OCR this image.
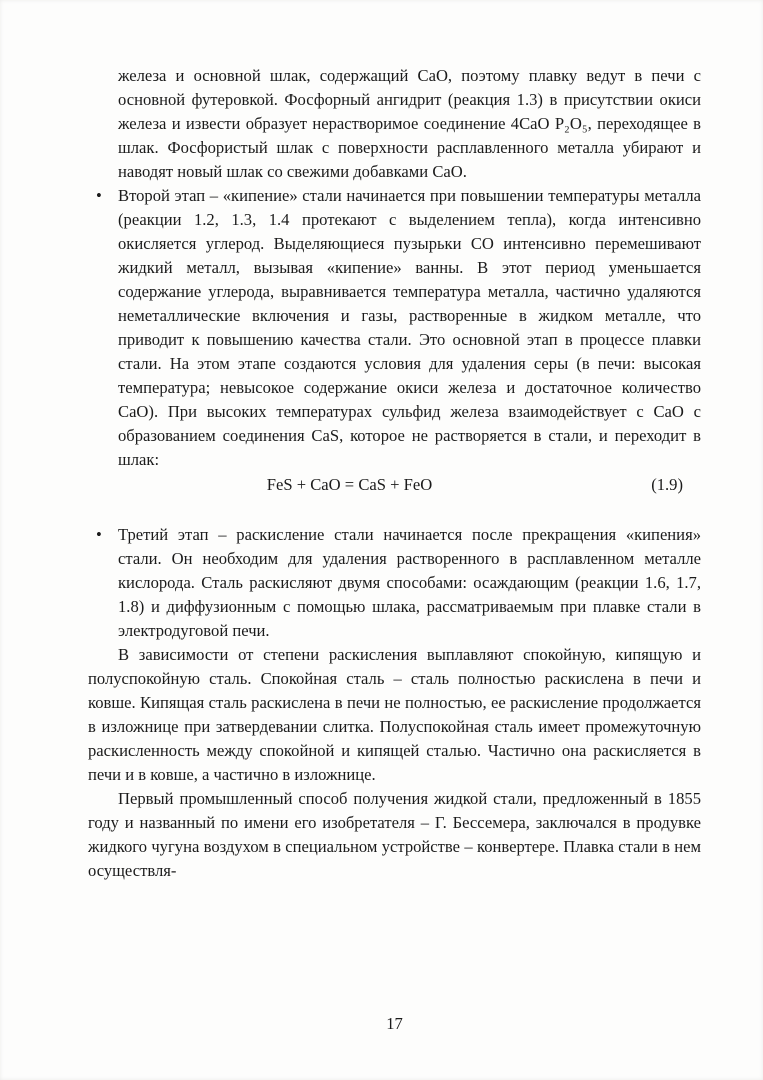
железа и основной шлак, содержащий CaO, поэтому плавку ведут в печи с основной футеровкой. Фосфорный ангидрит (реакция 1.3) в присутствии окиси железа и извести образует нерастворимое соединение 4CaO P₂O₅, переходящее в шлак. Фосфористый шлак с поверхности расплавленного металла убирают и наводят новый шлак со свежими добавками CaO.

• Второй этап – «кипение» стали начинается при повышении температуры металла (реакции 1.2, 1.3, 1.4 протекают с выделением тепла), когда интенсивно окисляется углерод. Выделяющиеся пузырьки CO интенсивно перемешивают жидкий металл, вызывая «кипение» ванны. В этот период уменьшается содержание углерода, выравнивается температура металла, частично удаляются неметаллические включения и газы, растворенные в жидком металле, что приводит к повышению качества стали. Это основной этап в процессе плавки стали. На этом этапе создаются условия для удаления серы (в печи: высокая температура; невысокое содержание окиси железа и достаточное количество CaO). При высоких температурах сульфид железа взаимодействует с CaO с образованием соединения CaS, которое не растворяется в стали, и переходит в шлак:

FeS + CaO = CaS + FeO	(1.9)
• Третий этап – раскисление стали начинается после прекращения «кипения» стали. Он необходим для удаления растворенного в расплавленном металле кислорода. Сталь раскисляют двумя способами: осаждающим (реакции 1.6, 1.7, 1.8) и диффузионным с помощью шлака, рассматриваемым при плавке стали в электродуговой печи.

В зависимости от степени раскисления выплавляют спокойную, кипящую и полуспокойную сталь. Спокойная сталь – сталь полностью раскислена в печи и ковше. Кипящая сталь раскислена в печи не полностью, ее раскисление продолжается в изложнице при затвердевании слитка. Полуспокойная сталь имеет промежуточную раскисленность между спокойной и кипящей сталью. Частично она раскисляется в печи и в ковше, а частично в изложнице.

Первый промышленный способ получения жидкой стали, предложенный в 1855 году и названный по имени его изобретателя – Г. Бессемера, заключался в продувке жидкого чугуна воздухом в специальном устройстве – конвертере. Плавка стали в нем осуществля-

17
